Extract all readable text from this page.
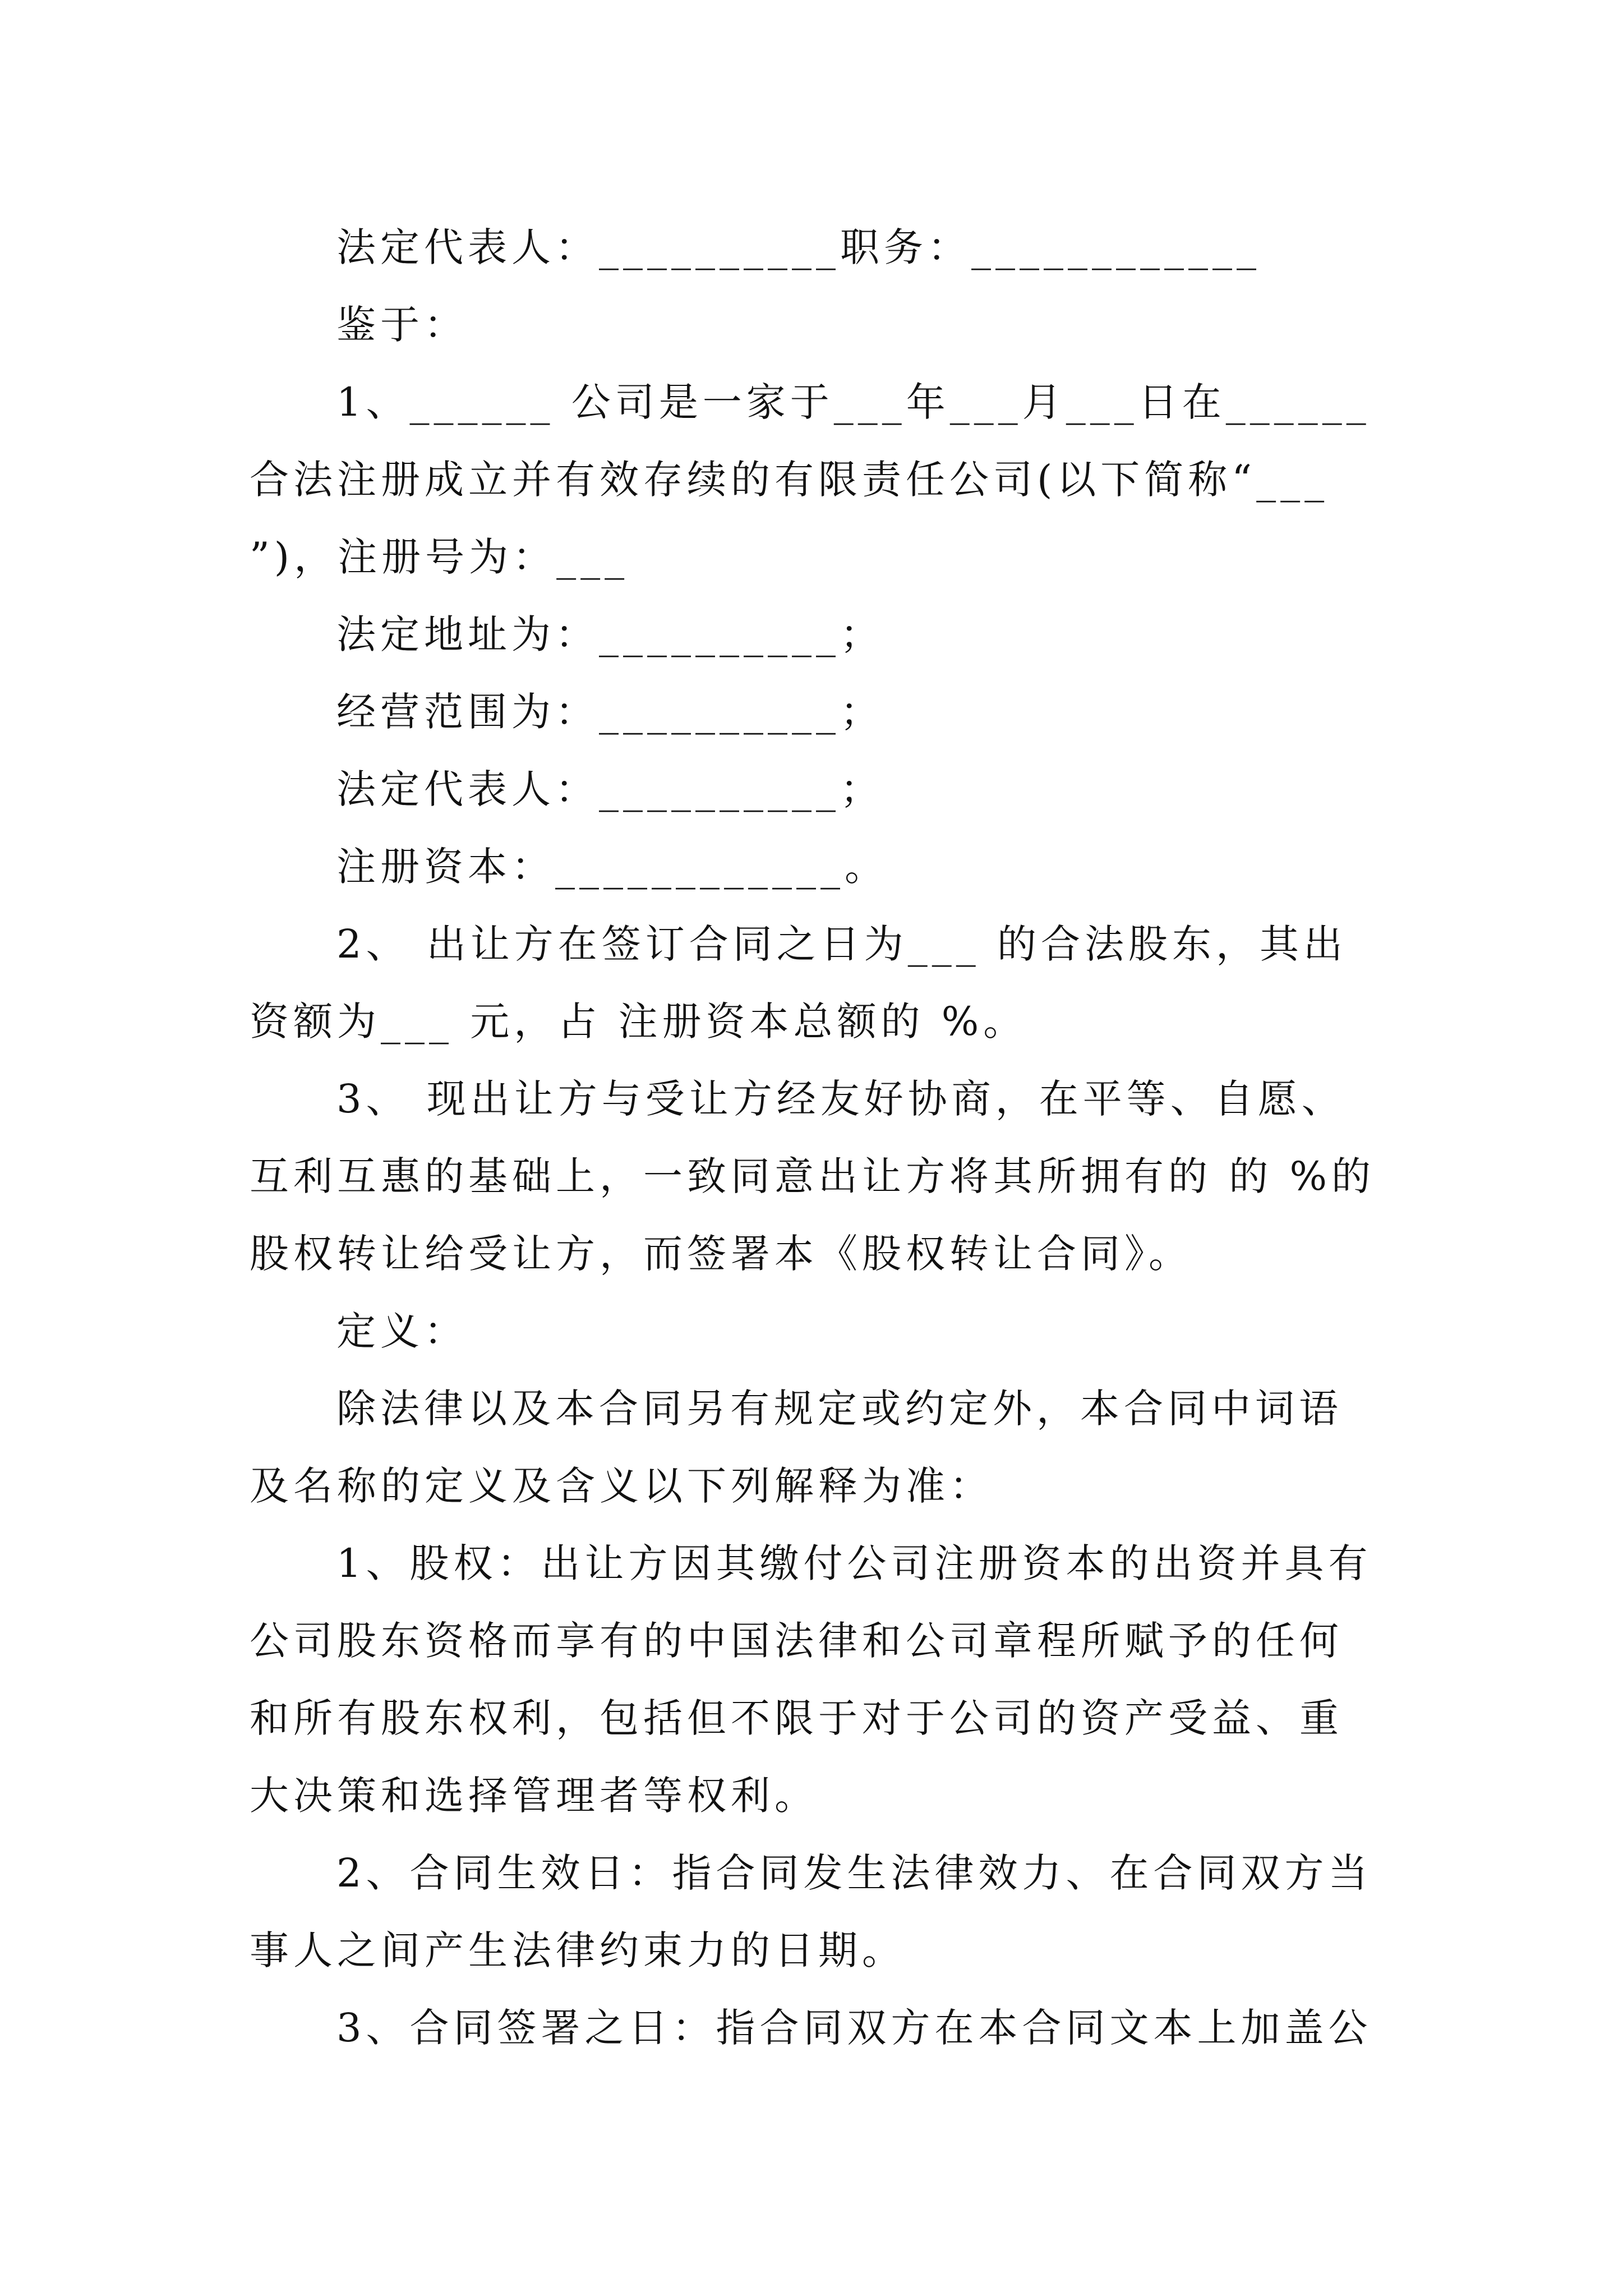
法定代表人：__________职务：____________

鉴于：

1、______ 公司是一家于___年___月___日在______合法注册成立并有效存续的有限责任公司(以下简称“___ ”)，注册号为：___

法定地址为：__________；

经营范围为：__________；

法定代表人：__________；

注册资本：____________。

2、 出让方在签订合同之日为___ 的合法股东，其出资额为___ 元，占 注册资本总额的 %。

3、 现出让方与受让方经友好协商，在平等、自愿、互利互惠的基础上，一致同意出让方将其所拥有的 的 %的股权转让给受让方，而签署本《股权转让合同》。

定义：

除法律以及本合同另有规定或约定外，本合同中词语及名称的定义及含义以下列解释为准：

1、股权：出让方因其缴付公司注册资本的出资并具有公司股东资格而享有的中国法律和公司章程所赋予的任何和所有股东权利，包括但不限于对于公司的资产受益、重大决策和选择管理者等权利。

2、合同生效日：指合同发生法律效力、在合同双方当事人之间产生法律约束力的日期。

3、合同签署之日：指合同双方在本合同文本上加盖公
